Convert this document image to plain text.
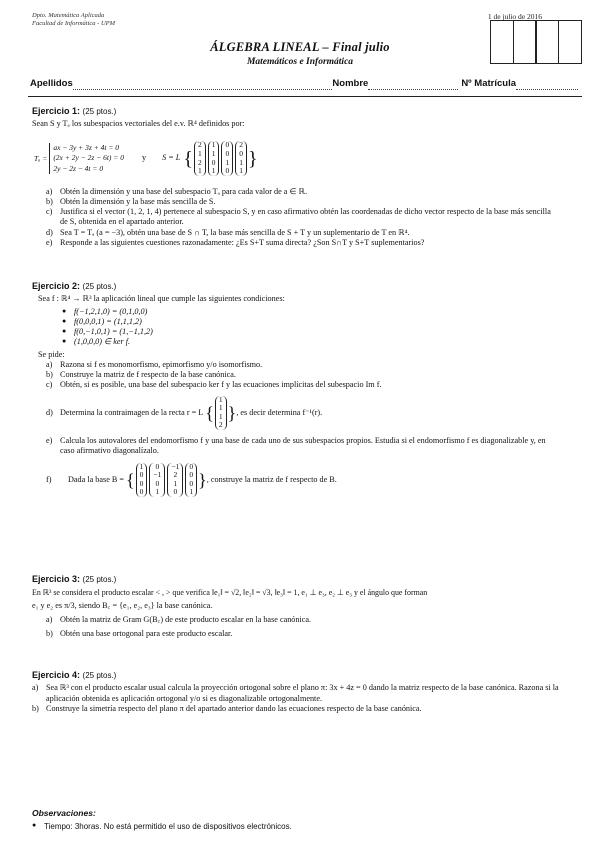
Dpto. Matemática Aplicada
Facultad de Informática - UPM
1 de julio de 2016
ÁLGEBRA LINEAL – Final julio
Matemáticos e Informática
Apellidos	Nombre	Nº Matrícula
Ejercicio 1: (25 ptos.)
Sean S y Tₐ los subespacios vectoriales del e.v. ℝ⁴ definidos por:
Tₐ =
ax − 3y + 3z + 4t = 0
(2x + 2y − 2z − 6t) = 0
2y − 2z − 4t = 0
y S = L {
2
1
2
1
1
1
0
1
0
0
1
0
2
0
1
1
}
a) Obtén la dimensión y una base del subespacio Tₐ para cada valor de a ∈ ℝ.
b) Obtén la dimensión y la base más sencilla de S.
c) Justifica si el vector (1, 2, 1, 4) pertenece al subespacio S, y en caso afirmativo obtén las coordenadas de dicho vector respecto de la base más sencilla de S, obtenida en el apartado anterior.
d) Sea T = Tₐ (a = −3), obtén una base de S ∩ T, la base más sencilla de S + T y un suplementario de T en ℝ⁴.
e) Responde a las siguientes cuestiones razonadamente: ¿Es S+T suma directa? ¿Son S∩T y S+T suplementarios?
Ejercicio 2: (25 ptos.)
Sea f : ℝ⁴ → ℝ³ la aplicación lineal que cumple las siguientes condiciones:
● f(−1,2,1,0) = (0,1,0,0)
● f(0,0,0,1) = (1,1,1,2)
● f(0,−1,0,1) = (1,−1,1,2)
● (1,0,0,0) ∈ ker f.
Se pide:
a) Razona si f es monomorfismo, epimorfismo y/o isomorfismo.
b) Construye la matriz de f respecto de la base canónica.
c) Obtén, si es posible, una base del subespacio ker f y las ecuaciones implícitas del subespacio Im f.
d) Determina la contraimagen de la recta r = L {
1
1
1
2
} , es decir determina f⁻¹(r).
e) Calcula los autovalores del endomorfismo f y una base de cada uno de sus subespacios propios. Estudia si el endomorfismo f es diagonalizable y, en caso afirmativo diagonalízalo.
f)	Dada la base B = {
1
0
0
0
0
−1
0
1
−1
2
1
0
0
0
0
1
} , construye la matriz de f respecto de B.
Ejercicio 3: (25 ptos.)
En ℝ³ se considera el producto escalar < , > que verifica ‖e₁‖ = √2, ‖e₂‖ = √3, ‖e₃‖ = 1, e₁ ⊥ e₃, e₂ ⊥ e₃ y el ángulo que forman
e₁ y e₂ es π/3, siendo B꜀ = {e₁, e₂, e₃} la base canónica.
a) Obtén la matriz de Gram G(B꜀) de este producto escalar en la base canónica.
b) Obtén una base ortogonal para este producto escalar.
Ejercicio 4: (25 ptos.)
a) Sea ℝ³ con el producto escalar usual calcula la proyección ortogonal sobre el plano π: 3x + 4z = 0 dando la matriz respecto de la base canónica. Razona si la aplicación obtenida es aplicación ortogonal y/o si es diagonalizable ortogonalmente.
b) Construye la simetría respecto del plano π del apartado anterior dando las ecuaciones respecto de la base canónica.
Observaciones:
● Tiempo: 3horas. No está permitido el uso de dispositivos electrónicos.
